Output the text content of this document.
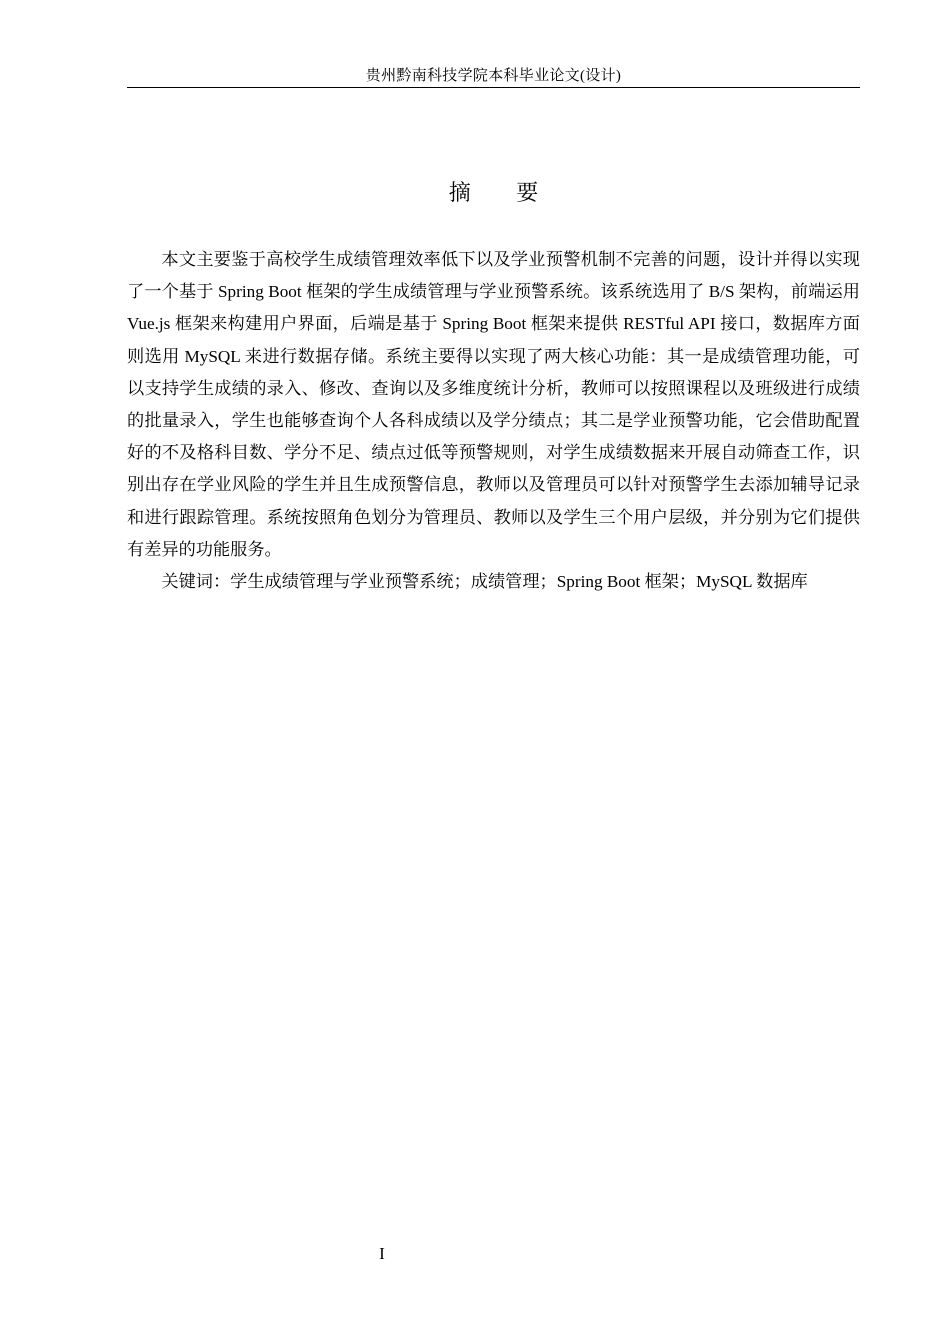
贵州黔南科技学院本科毕业论文(设计)
摘 要

本文主要鉴于高校学生成绩管理效率低下以及学业预警机制不完善的问题，设计并得以实现了一个基于 Spring Boot 框架的学生成绩管理与学业预警系统。该系统选用了 B/S 架构，前端运用 Vue.js 框架来构建用户界面，后端是基于 Spring Boot 框架来提供 RESTful API 接口，数据库方面则选用 MySQL 来进行数据存储。系统主要得以实现了两大核心功能：其一是成绩管理功能，可以支持学生成绩的录入、修改、查询以及多维度统计分析，教师可以按照课程以及班级进行成绩的批量录入，学生也能够查询个人各科成绩以及学分绩点；其二是学业预警功能，它会借助配置好的不及格科目数、学分不足、绩点过低等预警规则，对学生成绩数据来开展自动筛查工作，识别出存在学业风险的学生并且生成预警信息，教师以及管理员可以针对预警学生去添加辅导记录和进行跟踪管理。系统按照角色划分为管理员、教师以及学生三个用户层级，并分别为它们提供有差异的功能服务。

关键词：学生成绩管理与学业预警系统；成绩管理；Spring Boot 框架；MySQL 数据库

I
